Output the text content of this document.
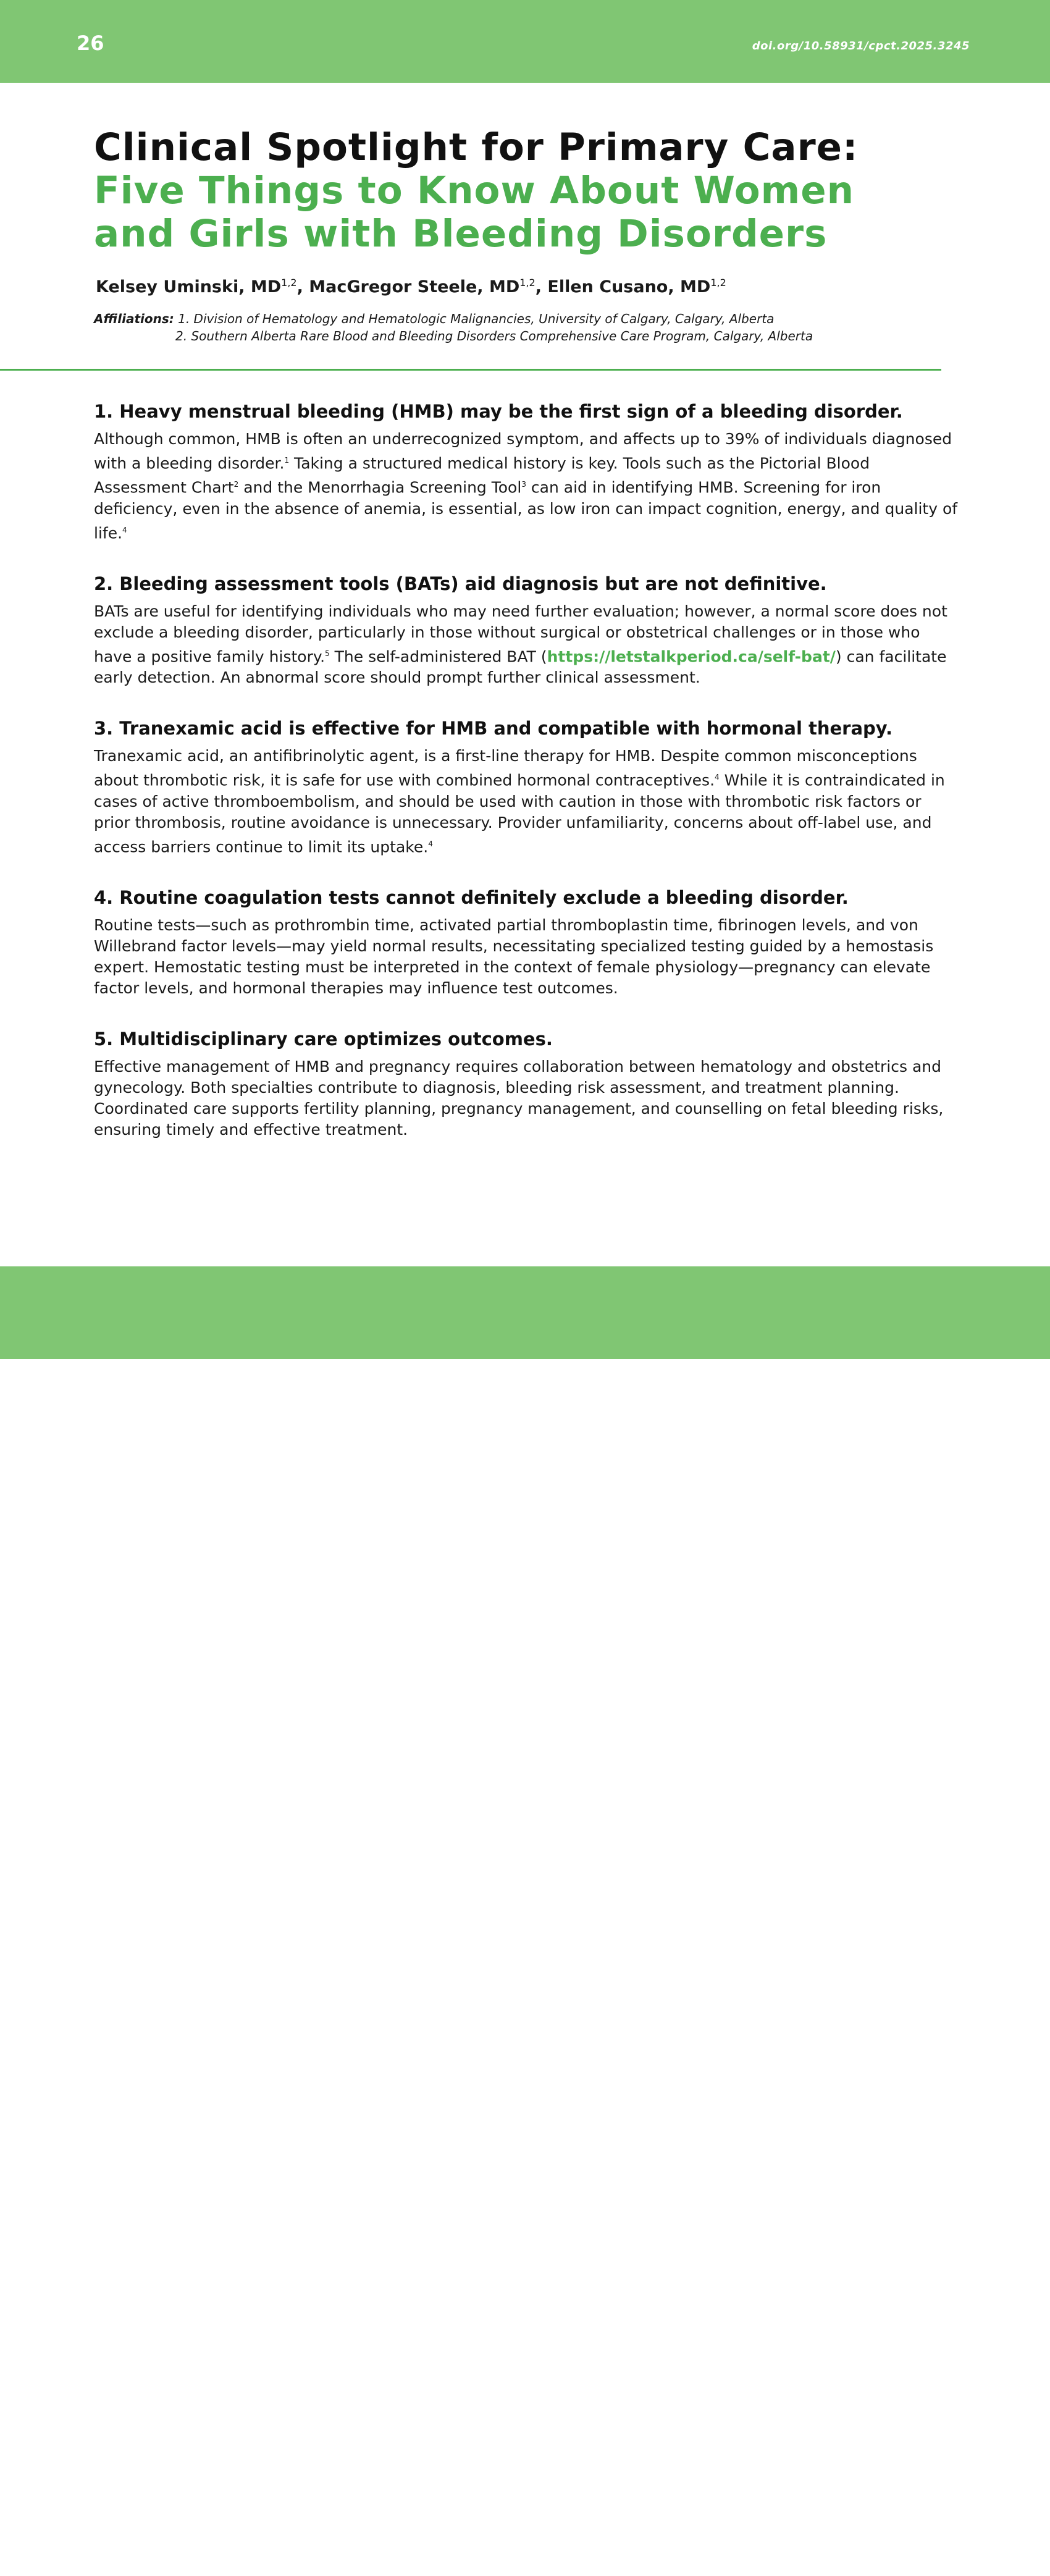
26	doi.org/10.58931/cpct.2025.3245
Clinical Spotlight for Primary Care:
Five Things to Know About Women
and Girls with Bleeding Disorders
Kelsey Uminski, MD$^{1,2}$, MacGregor Steele, MD$^{1,2}$, Ellen Cusano, MD$^{1,2}$
Affiliations: 1. Division of Hematology and Hematologic Malignancies, University of Calgary, Calgary, Alberta
2. Southern Alberta Rare Blood and Bleeding Disorders Comprehensive Care Program, Calgary, Alberta
1. Heavy menstrual bleeding (HMB) may be the first sign of a bleeding disorder.

Although common, HMB is often an underrecognized symptom, and affects up to 39% of individuals diagnosed with a bleeding disorder.$^1$ Taking a structured medical history is key. Tools such as the Pictorial Blood Assessment Chart$^2$ and the Menorrhagia Screening Tool$^3$ can aid in identifying HMB. Screening for iron deficiency, even in the absence of anemia, is essential, as low iron can impact cognition, energy, and quality of life.$^4$

2. Bleeding assessment tools (BATs) aid diagnosis but are not definitive.

BATs are useful for identifying individuals who may need further evaluation; however, a normal score does not exclude a bleeding disorder, particularly in those without surgical or obstetrical challenges or in those who have a positive family history.$^5$ The self-administered BAT (https://letstalkperiod.ca/self-bat/) can facilitate early detection. An abnormal score should prompt further clinical assessment.

3. Tranexamic acid is effective for HMB and compatible with hormonal therapy.

Tranexamic acid, an antifibrinolytic agent, is a first-line therapy for HMB. Despite common misconceptions about thrombotic risk, it is safe for use with combined hormonal contraceptives.$^4$ While it is contraindicated in cases of active thromboembolism, and should be used with caution in those with thrombotic risk factors or prior thrombosis, routine avoidance is unnecessary. Provider unfamiliarity, concerns about off-label use, and access barriers continue to limit its uptake.$^4$

4. Routine coagulation tests cannot definitely exclude a bleeding disorder.

Routine tests—such as prothrombin time, activated partial thromboplastin time, fibrinogen levels, and von Willebrand factor levels—may yield normal results, necessitating specialized testing guided by a hemostasis expert. Hemostatic testing must be interpreted in the context of female physiology—pregnancy can elevate factor levels, and hormonal therapies may influence test outcomes.

5. Multidisciplinary care optimizes outcomes.

Effective management of HMB and pregnancy requires collaboration between hematology and obstetrics and gynecology. Both specialties contribute to diagnosis, bleeding risk assessment, and treatment planning. Coordinated care supports fertility planning, pregnancy management, and counselling on fetal bleeding risks, ensuring timely and effective treatment.

Canadian Primary Care Today | Vol. 3, Issue 2, Summer 2025
